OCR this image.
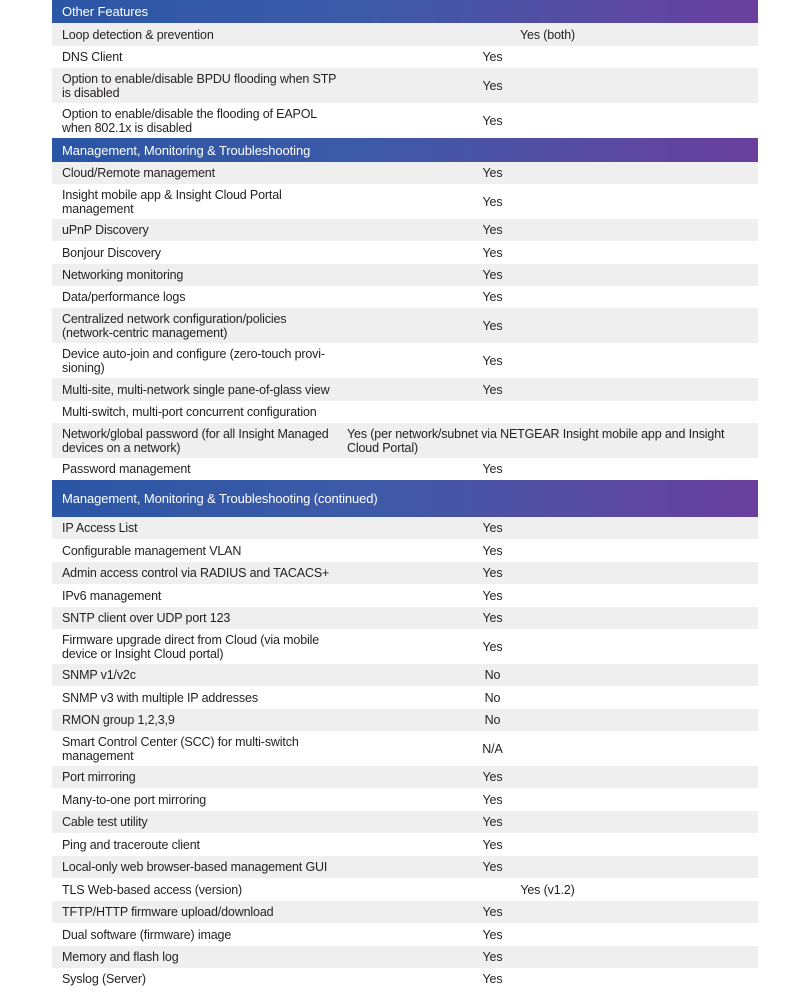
Other Features
Loop detection & prevention	Yes (both)
DNS Client	Yes
Option to enable/disable BPDU flooding when STP is disabled	Yes
Option to enable/disable the flooding of EAPOL when 802.1x is disabled	Yes
Management, Monitoring & Troubleshooting
Cloud/Remote management	Yes
Insight mobile app & Insight Cloud Portal management	Yes
uPnP Discovery	Yes
Bonjour Discovery	Yes
Networking monitoring	Yes
Data/performance logs	Yes
Centralized network configuration/policies (network-centric management)	Yes
Device auto-join and configure (zero-touch provi-sioning)	Yes
Multi-site, multi-network single pane-of-glass view	Yes
Multi-switch, multi-port concurrent configuration
Network/global password (for all Insight Managed devices on a network)
Yes (per network/subnet via NETGEAR Insight mobile app and Insight Cloud Portal)
Password management	Yes
Management, Monitoring & Troubleshooting (continued)
IP Access List	Yes
Configurable management VLAN	Yes
Admin access control via RADIUS and TACACS+	Yes
IPv6 management	Yes
SNTP client over UDP port 123	Yes
Firmware upgrade direct from Cloud (via mobile device or Insight Cloud portal)	Yes
SNMP v1/v2c	No
SNMP v3 with multiple IP addresses	No
RMON group 1,2,3,9	No
Smart Control Center (SCC) for multi-switch management	N/A
Port mirroring	Yes
Many-to-one port mirroring	Yes
Cable test utility	Yes
Ping and traceroute client	Yes
Local-only web browser-based management GUI	Yes
TLS Web-based access (version)	Yes (v1.2)
TFTP/HTTP firmware upload/download	Yes
Dual software (firmware) image	Yes
Memory and flash log	Yes
Syslog (Server)	Yes
